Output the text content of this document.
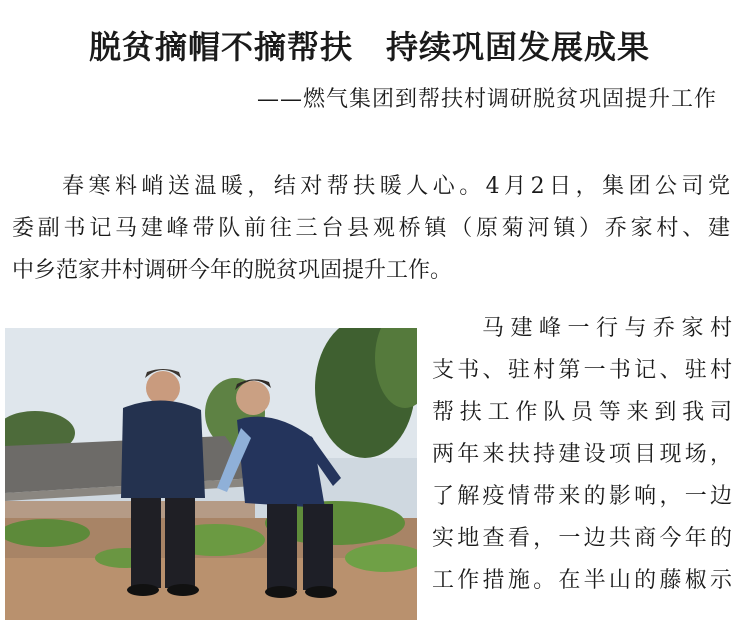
脱贫摘帽不摘帮扶　持续巩固发展成果

——燃气集团到帮扶村调研脱贫巩固提升工作

春寒料峭送温暖，结对帮扶暖人心。4月2日，集团公司党
委副书记马建峰带队前往三台县观桥镇（原菊河镇）乔家村、建
中乡范家井村调研今年的脱贫巩固提升工作。
马建峰一行与乔家村
支书、驻村第一书记、驻村
帮扶工作队员等来到我司
两年来扶持建设项目现场，
了解疫情带来的影响，一边
实地查看，一边共商今年的
工作措施。在半山的藤椒示
